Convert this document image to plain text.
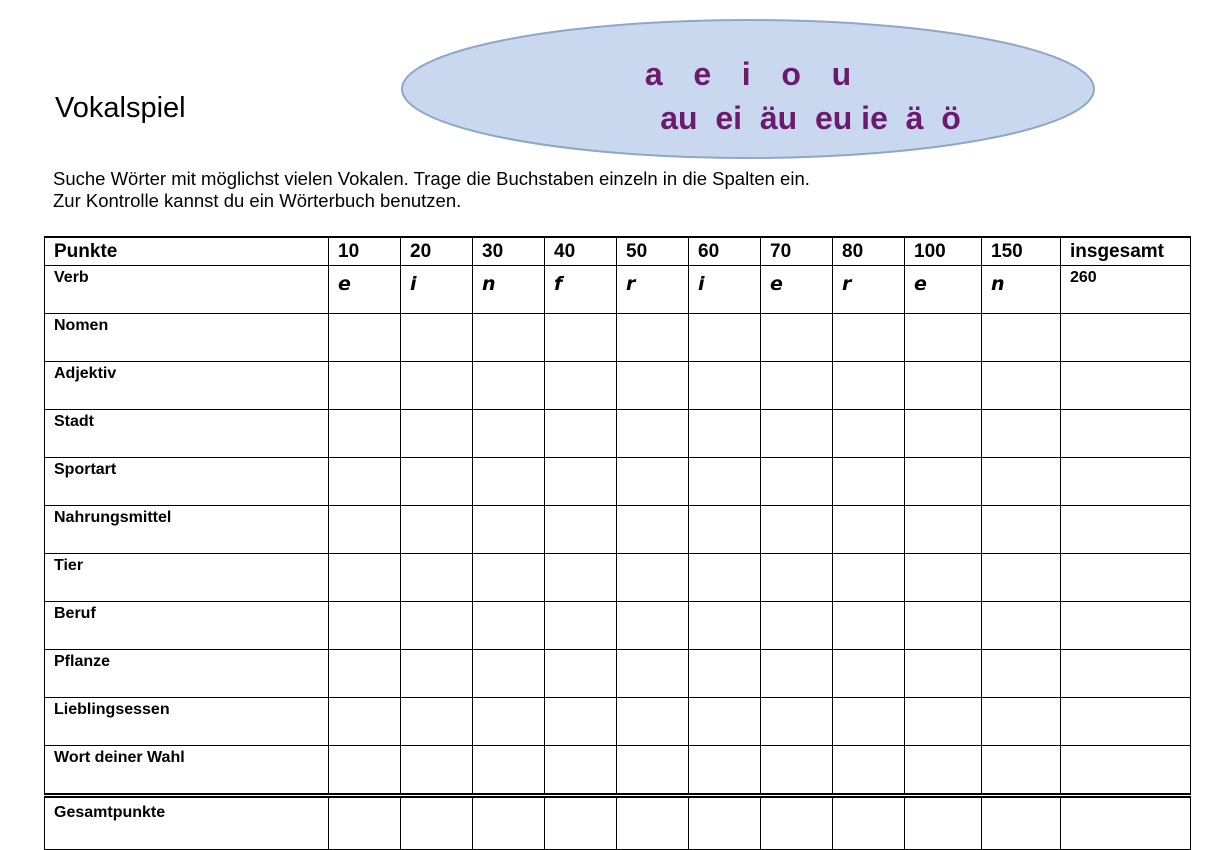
Vokalspiel
a   e   i   o   u
au  ei  äu  eu ie  ä  ö
Suche Wörter mit möglichst vielen Vokalen. Trage die Buchstaben einzeln in die Spalten ein.
Zur Kontrolle kannst du ein Wörterbuch benutzen.
Punkte	10	20	30	40	50	60	70	80	100	150	insgesamt
Verb	e	i	n	f	r	i	e	r	e	n	260
Nomen											
Adjektiv											
Stadt											
Sportart											
Nahrungsmittel											
Tier											
Beruf											
Pflanze											
Lieblingsessen											
Wort deiner Wahl											
Gesamtpunkte											
